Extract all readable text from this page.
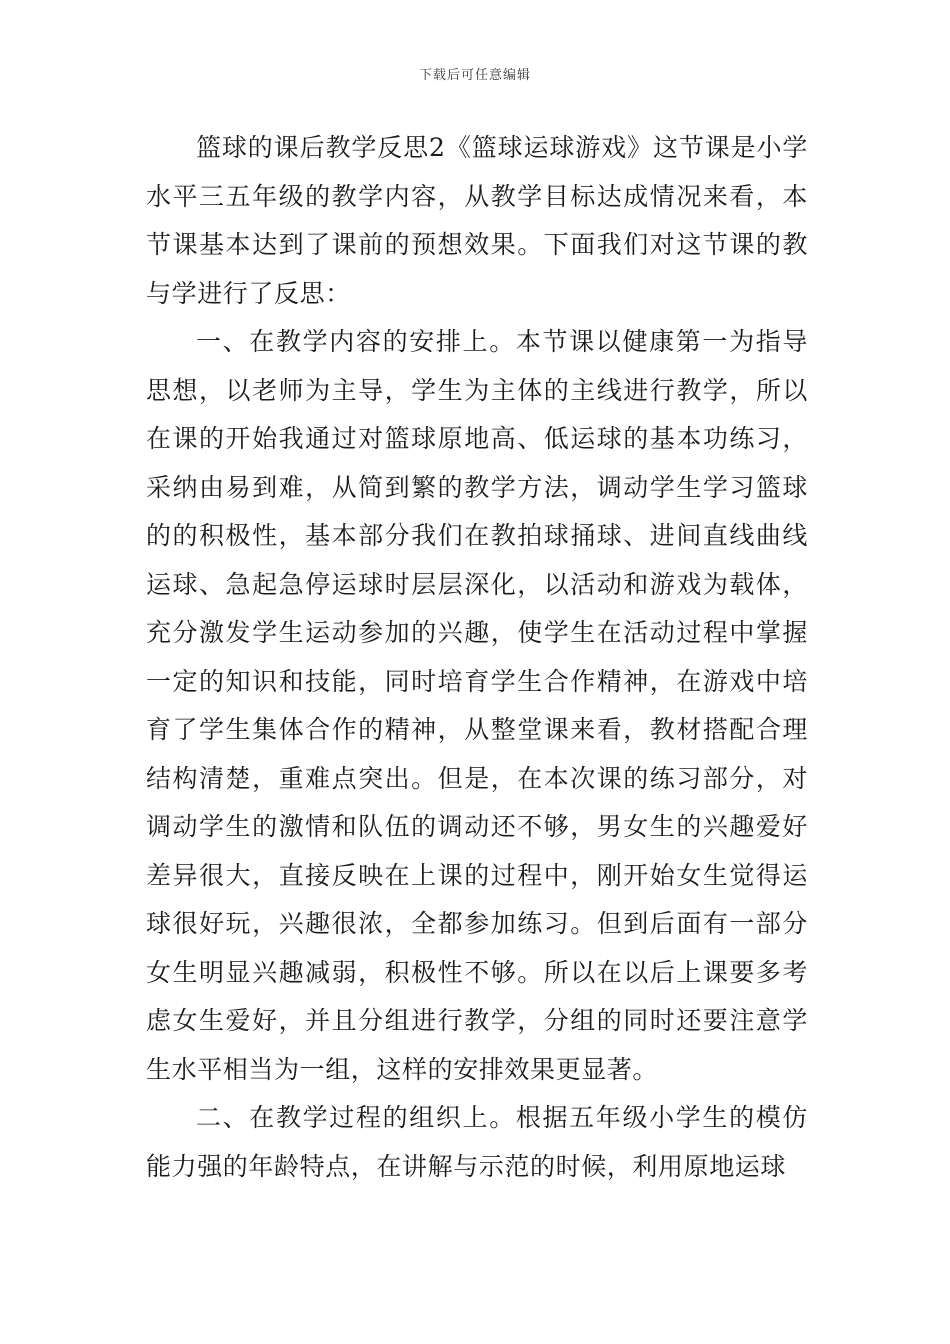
下载后可任意编辑

篮球的课后教学反思2《篮球运球游戏》这节课是小学水平三五年级的教学内容，从教学目标达成情况来看，本节课基本达到了课前的预想效果。下面我们对这节课的教与学进行了反思：

一、在教学内容的安排上。本节课以健康第一为指导思想，以老师为主导，学生为主体的主线进行教学，所以在课的开始我通过对篮球原地高、低运球的基本功练习，采纳由易到难，从简到繁的教学方法，调动学生学习篮球的的积极性，基本部分我们在教拍球捅球、进间直线曲线运球、急起急停运球时层层深化，以活动和游戏为载体，充分激发学生运动参加的兴趣，使学生在活动过程中掌握一定的知识和技能，同时培育学生合作精神，在游戏中培育了学生集体合作的精神，从整堂课来看，教材搭配合理结构清楚，重难点突出。但是，在本次课的练习部分，对调动学生的激情和队伍的调动还不够，男女生的兴趣爱好差异很大，直接反映在上课的过程中，刚开始女生觉得运球很好玩，兴趣很浓，全都参加练习。但到后面有一部分女生明显兴趣减弱，积极性不够。所以在以后上课要多考虑女生爱好，并且分组进行教学，分组的同时还要注意学生水平相当为一组，这样的安排效果更显著。

二、在教学过程的组织上。根据五年级小学生的模仿能力强的年龄特点，在讲解与示范的时候，利用原地运球
